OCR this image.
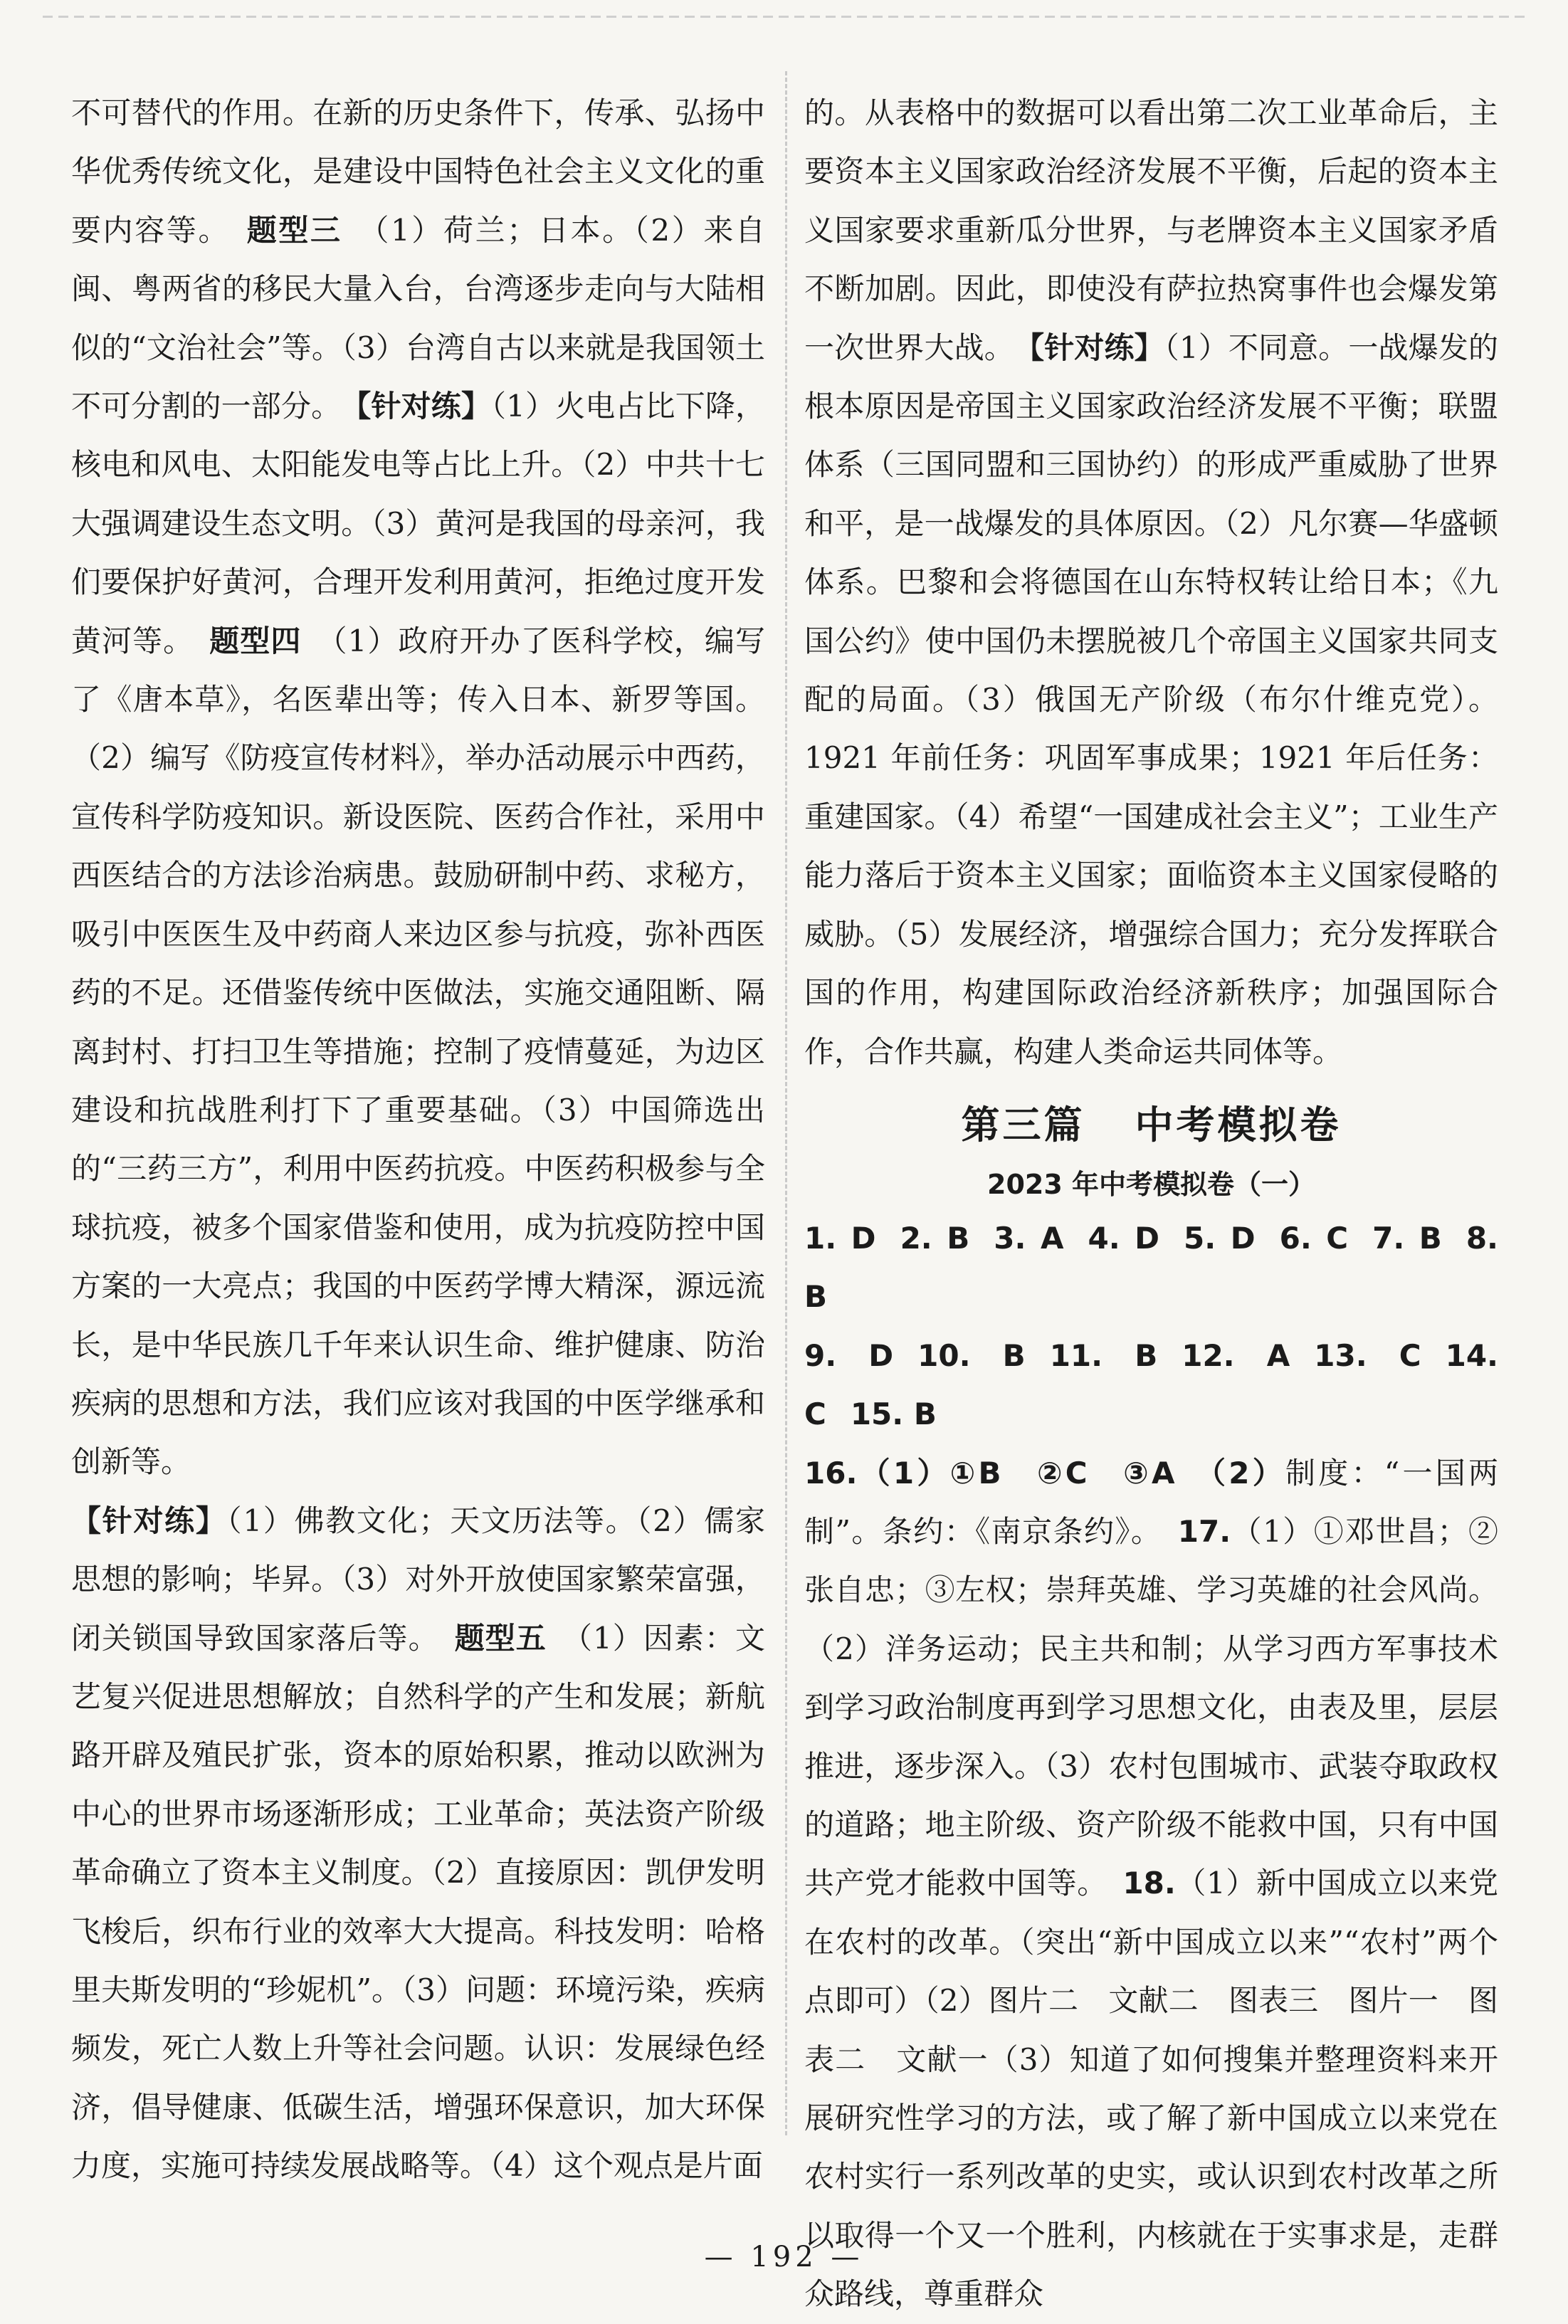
不可替代的作用。在新的历史条件下，传承、弘扬中华优秀传统文化，是建设中国特色社会主义文化的重要内容等。　 题型三　 （1）荷兰；日本。（2）来自闽、粤两省的移民大量入台，台湾逐步走向与大陆相似的“文治社会”等。（3）台湾自古以来就是我国领土不可分割的一部分。　 【针对练】（1）火电占比下降，核电和风电、太阳能发电等占比上升。（2）中共十七大强调建设生态文明。（3）黄河是我国的母亲河，我们要保护好黄河，合理开发利用黄河，拒绝过度开发黄河等。　 题型四　 （1）政府开办了医科学校，编写了《唐本草》，名医辈出等；传入日本、新罗等国。（2）编写《防疫宣传材料》，举办活动展示中西药，宣传科学防疫知识。新设医院、医药合作社，采用中西医结合的方法诊治病患。鼓励研制中药、求秘方，吸引中医医生及中药商人来边区参与抗疫，弥补西医药的不足。还借鉴传统中医做法，实施交通阻断、隔离封村、打扫卫生等措施；控制了疫情蔓延，为边区建设和抗战胜利打下了重要基础。（3）中国筛选出的“三药三方”，利用中医药抗疫。中医药积极参与全球抗疫，被多个国家借鉴和使用，成为抗疫防控中国方案的一大亮点；我国的中医药学博大精深，源远流长，是中华民族几千年来认识生命、维护健康、防治疾病的思想和方法，我们应该对我国的中医学继承和创新等。

【针对练】（1）佛教文化；天文历法等。（2）儒家思想的影响；毕昇。（3）对外开放使国家繁荣富强，闭关锁国导致国家落后等。　 题型五　 （1）因素：文艺复兴促进思想解放；自然科学的产生和发展；新航路开辟及殖民扩张，资本的原始积累，推动以欧洲为中心的世界市场逐渐形成；工业革命；英法资产阶级革命确立了资本主义制度。（2）直接原因：凯伊发明飞梭后，织布行业的效率大大提高。科技发明：哈格里夫斯发明的“珍妮机”。（3）问题：环境污染，疾病频发，死亡人数上升等社会问题。认识：发展绿色经济，倡导健康、低碳生活，增强环保意识，加大环保力度，实施可持续发展战略等。（4）这个观点是片面

的。从表格中的数据可以看出第二次工业革命后，主要资本主义国家政治经济发展不平衡，后起的资本主义国家要求重新瓜分世界，与老牌资本主义国家矛盾不断加剧。因此，即使没有萨拉热窝事件也会爆发第一次世界大战。　 【针对练】（1）不同意。一战爆发的根本原因是帝国主义国家政治经济发展不平衡；联盟体系（三国同盟和三国协约）的形成严重威胁了世界和平，是一战爆发的具体原因。（2）凡尔赛—华盛顿体系。巴黎和会将德国在山东特权转让给日本；《九国公约》使中国仍未摆脱被几个帝国主义国家共同支配的局面。（3）俄国无产阶级（布尔什维克党）。1921 年前任务：巩固军事成果；1921 年后任务：重建国家。（4）希望“一国建成社会主义”；工业生产能力落后于资本主义国家；面临资本主义国家侵略的威胁。（5）发展经济，增强综合国力；充分发挥联合国的作用，构建国际政治经济新秩序；加强国际合作，合作共赢，构建人类命运共同体等。

第三篇 中考模拟卷
2023 年中考模拟卷（一）
1. D 2. B 3. A 4. D 5. D 6. C 7. B 8. B
9. D 10. B 11. B 12. A 13. C 14. C 15. B

16.（1）①B　②C　③A　（2）制度：“一国两制”。条约：《南京条约》。　 17.（1）①邓世昌；②张自忠；③左权；崇拜英雄、学习英雄的社会风尚。（2）洋务运动；民主共和制；从学习西方军事技术到学习政治制度再到学习思想文化，由表及里，层层推进，逐步深入。（3）农村包围城市、武装夺取政权的道路；地主阶级、资产阶级不能救中国，只有中国共产党才能救中国等。　 18.（1）新中国成立以来党在农村的改革。（突出“新中国成立以来”“农村”两个点即可）（2）图片二　文献二　图表三　图片一　图表二　文献一（3）知道了如何搜集并整理资料来开展研究性学习的方法，或了解了新中国成立以来党在农村实行一系列改革的史实，或认识到农村改革之所以取得一个又一个胜利，内核就在于实事求是，走群众路线，尊重群众

— 192 —
